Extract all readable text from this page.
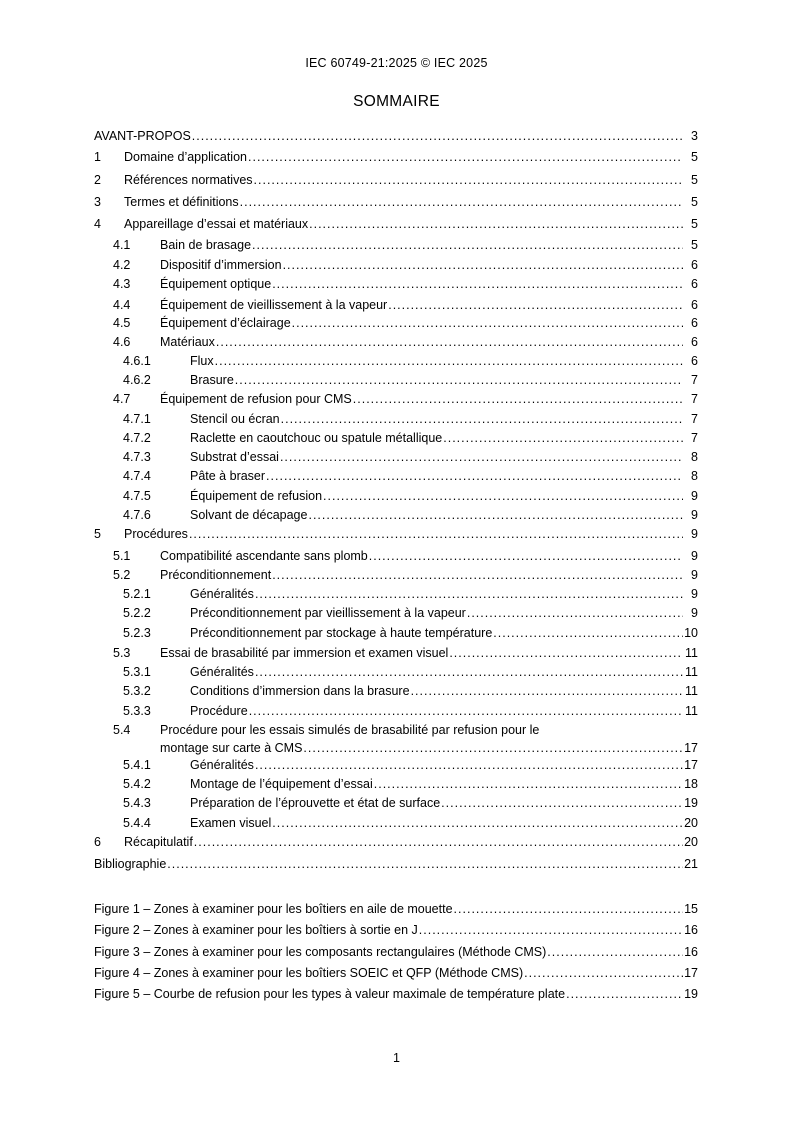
IEC 60749-21:2025 © IEC 2025
SOMMAIRE
AVANT-PROPOS .....	3
1 Domaine d’application .....	5
2 Références normatives .....	5
3 Termes et définitions .....	5
4 Appareillage d’essai et matériaux .....	5
4.1 Bain de brasage .....	5
4.2 Dispositif d’immersion .....	6
4.3 Équipement optique .....	6
4.4 Équipement de vieillissement à la vapeur .....	6
4.5 Équipement d’éclairage .....	6
4.6 Matériaux .....	6
4.6.1	Flux .....	6
4.6.2	Brasure .....	7
4.7 Équipement de refusion pour CMS .....	7
4.7.1	Stencil ou écran .....	7
4.7.2	Raclette en caoutchouc ou spatule métallique .....	7
4.7.3	Substrat d’essai .....	8
4.7.4	Pâte à braser .....	8
4.7.5	Équipement de refusion .....	9
4.7.6	Solvant de décapage .....	9
5 Procédures .....	9
5.1 Compatibilité ascendante sans plomb .....	9
5.2 Préconditionnement .....	9
5.2.1	Généralités .....	9
5.2.2	Préconditionnement par vieillissement à la vapeur .....	9
5.2.3	Préconditionnement par stockage à haute température .....	10
5.3 Essai de brasabilité par immersion et examen visuel .....	11
5.3.1	Généralités .....	11
5.3.2	Conditions d’immersion dans la brasure .....	11
5.3.3	Procédure .....	11
5.4 Procédure pour les essais simulés de brasabilité par refusion pour le
montage sur carte à CMS .....	17
5.4.1	Généralités .....	17
5.4.2	Montage de l’équipement d’essai .....	18
5.4.3	Préparation de l’éprouvette et état de surface .....	19
5.4.4	Examen visuel .....	20
6 Récapitulatif .....	20
Bibliographie .....	21
Figure 1 – Zones à examiner pour les boîtiers en aile de mouette .....	15
Figure 2 – Zones à examiner pour les boîtiers à sortie en J .....	16
Figure 3 – Zones à examiner pour les composants rectangulaires (Méthode CMS) .....	16
Figure 4 – Zones à examiner pour les boîtiers SOEIC et QFP (Méthode CMS) .....	17
Figure 5 – Courbe de refusion pour les types à valeur maximale de température plate .....	19
1
